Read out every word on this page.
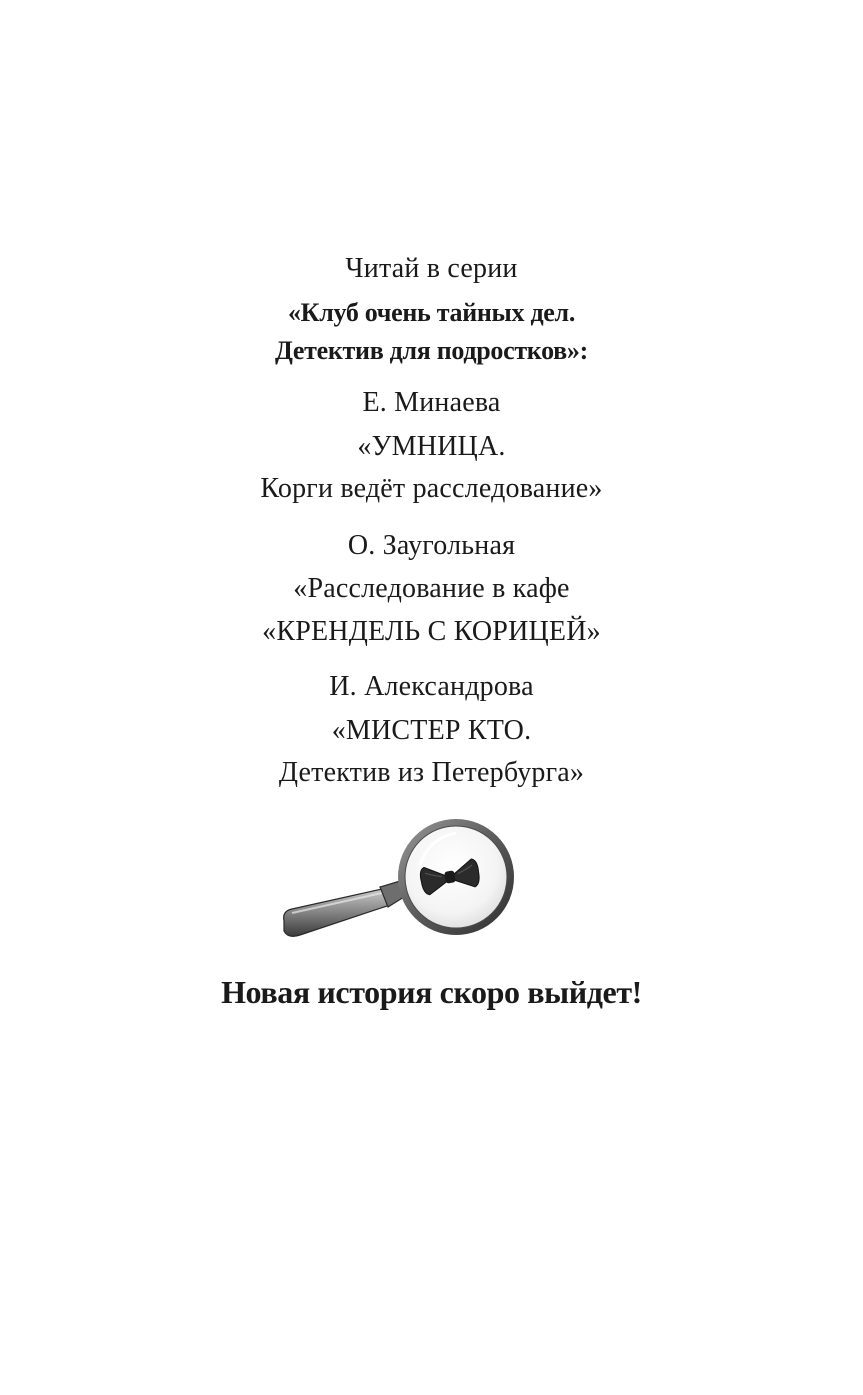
Читай в серии
«Клуб очень тайных дел.
Детектив для подростков»:
Е. Минаева
«УМНИЦА.
Корги ведёт расследование»
О. Заугольная
«Расследование в кафе
«КРЕНДЕЛЬ С КОРИЦЕЙ»
И. Александрова
«МИСТЕР КТО.
Детектив из Петербурга»
Новая история скоро выйдет!
